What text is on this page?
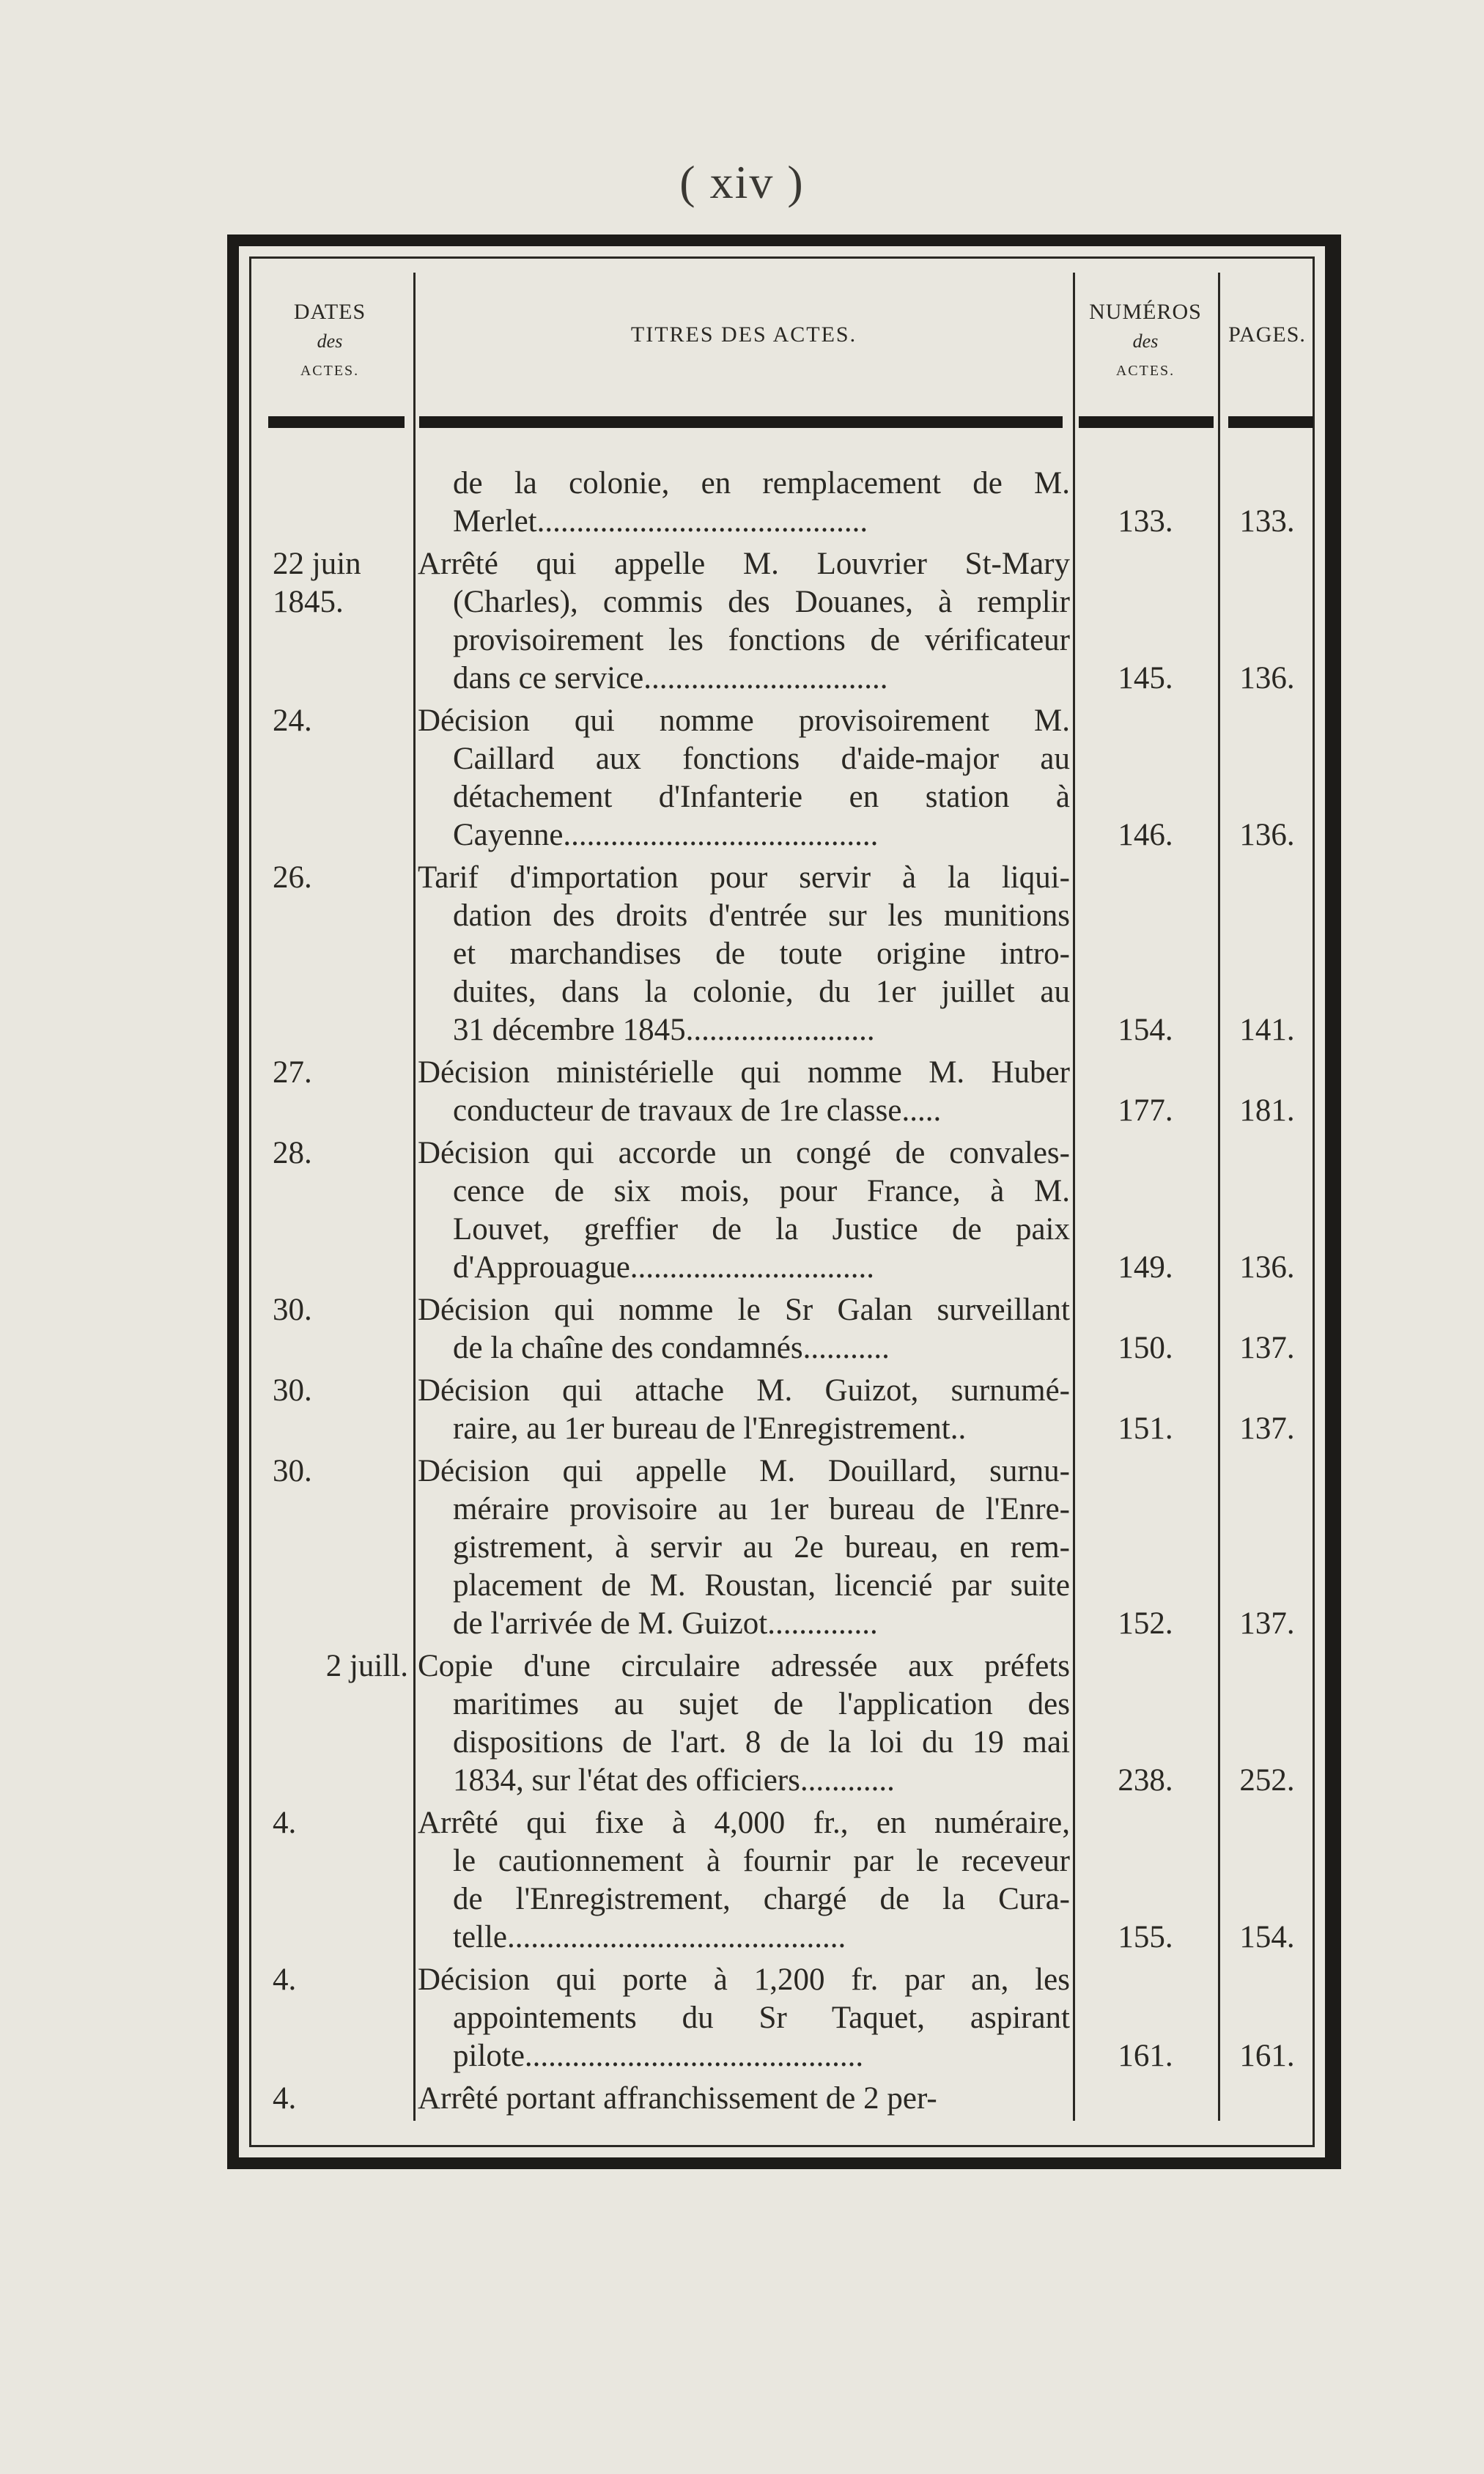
( xiv )
DATES
des
ACTES.
TITRES DES ACTES.
NUMÉROS
des
ACTES.
PAGES.
de la colonie, en remplacement de M.
Merlet..........................................	133.	133.
22 juin 1845.
Arrêté qui appelle M. Louvrier St-Mary
(Charles), commis des Douanes, à remplir
provisoirement les fonctions de vérificateur
dans ce service...............................	145.	136.
24.	Décision qui nomme provisoirement M.
Caillard aux fonctions d'aide-major au
détachement d'Infanterie en station à
Cayenne........................................	146.	136.
26.	Tarif d'importation pour servir à la liqui-
dation des droits d'entrée sur les munitions
et marchandises de toute origine intro-
duites, dans la colonie, du 1er juillet au
31 décembre 1845........................	154.	141.
27.	Décision ministérielle qui nomme M. Huber
conducteur de travaux de 1re classe.....	177.	181.
28.	Décision qui accorde un congé de convales-
cence de six mois, pour France, à M.
Louvet, greffier de la Justice de paix
d'Approuague...............................	149.	136.
30.	Décision qui nomme le Sr Galan surveillant
de la chaîne des condamnés...........	150.	137.
30.	Décision qui attache M. Guizot, surnumé-
raire, au 1er bureau de l'Enregistrement..	151.	137.
30.	Décision qui appelle M. Douillard, surnu-
méraire provisoire au 1er bureau de l'Enre-
gistrement, à servir au 2e bureau, en rem-
placement de M. Roustan, licencié par suite
de l'arrivée de M. Guizot..............	152.	137.
2 juill. Copie d'une circulaire adressée aux préfets
maritimes au sujet de l'application des
dispositions de l'art. 8 de la loi du 19 mai
1834, sur l'état des officiers............	238.	252.
4.	Arrêté qui fixe à 4,000 fr., en numéraire,
le cautionnement à fournir par le receveur
de l'Enregistrement, chargé de la Cura-
telle...........................................	155.	154.
4.	Décision qui porte à 1,200 fr. par an, les
appointements du Sr Taquet, aspirant
pilote...........................................	161.	161.
4.	Arrêté portant affranchissement de 2 per-
